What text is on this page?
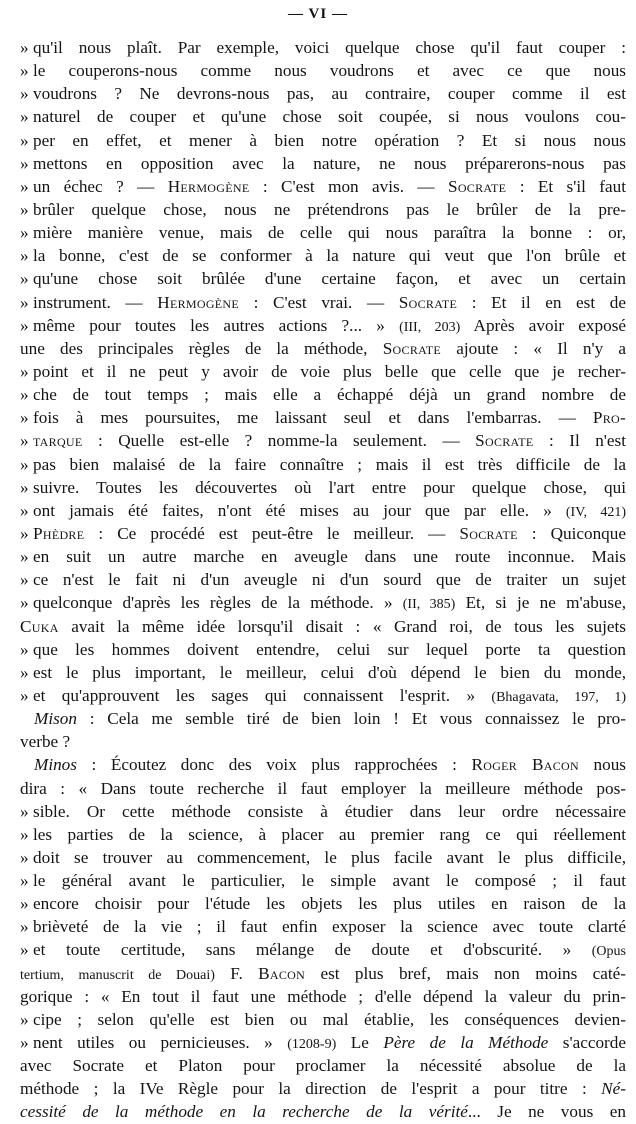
— VI —
» qu'il nous plaît. Par exemple, voici quelque chose qu'il faut couper :
» le couperons-nous comme nous voudrons et avec ce que nous
» voudrons ? Ne devrons-nous pas, au contraire, couper comme il est
» naturel de couper et qu'une chose soit coupée, si nous voulons cou-
» per en effet, et mener à bien notre opération ? Et si nous nous
» mettons en opposition avec la nature, ne nous préparerons-nous pas
» un échec ? — Hermogène : C'est mon avis. — Socrate : Et s'il faut
» brûler quelque chose, nous ne prétendrons pas le brûler de la pre-
» mière manière venue, mais de celle qui nous paraîtra la bonne : or,
» la bonne, c'est de se conformer à la nature qui veut que l'on brûle et
» qu'une chose soit brûlée d'une certaine façon, et avec un certain
» instrument. — Hermogène : C'est vrai. — Socrate : Et il en est de
» même pour toutes les autres actions ?... » (III, 203) Après avoir exposé
une des principales règles de la méthode, Socrate ajoute : « Il n'y a
» point et il ne peut y avoir de voie plus belle que celle que je recher-
» che de tout temps ; mais elle a échappé déjà un grand nombre de
» fois à mes poursuites, me laissant seul et dans l'embarras. — Pro-
» tarque : Quelle est-elle ? nomme-la seulement. — Socrate : Il n'est
» pas bien malaisé de la faire connaître ; mais il est très difficile de la
» suivre. Toutes les découvertes où l'art entre pour quelque chose, qui
» ont jamais été faites, n'ont été mises au jour que par elle. » (IV, 421)
» Phèdre : Ce procédé est peut-être le meilleur. — Socrate : Quiconque
» en suit un autre marche en aveugle dans une route inconnue. Mais
» ce n'est le fait ni d'un aveugle ni d'un sourd que de traiter un sujet
» quelconque d'après les règles de la méthode. » (II, 385) Et, si je ne m'abuse,
Cuka avait la même idée lorsqu'il disait : « Grand roi, de tous les sujets
» que les hommes doivent entendre, celui sur lequel porte ta question
» est le plus important, le meilleur, celui d'où dépend le bien du monde,
» et qu'approuvent les sages qui connaissent l'esprit. » (Bhagavata, 197, 1)
Mison : Cela me semble tiré de bien loin ! Et vous connaissez le pro-
verbe ?
Minos : Écoutez donc des voix plus rapprochées : Roger Bacon nous
dira : « Dans toute recherche il faut employer la meilleure méthode pos-
» sible. Or cette méthode consiste à étudier dans leur ordre nécessaire
» les parties de la science, à placer au premier rang ce qui réellement
» doit se trouver au commencement, le plus facile avant le plus difficile,
» le général avant le particulier, le simple avant le composé ; il faut
» encore choisir pour l'étude les objets les plus utiles en raison de la
» brièveté de la vie ; il faut enfin exposer la science avec toute clarté
» et toute certitude, sans mélange de doute et d'obscurité. » (Opus
tertium, manuscrit de Douai) F. Bacon est plus bref, mais non moins caté-
gorique : « En tout il faut une méthode ; d'elle dépend la valeur du prin-
» cipe ; selon qu'elle est bien ou mal établie, les conséquences devien-
» nent utiles ou pernicieuses. » (1208-9) Le Père de la Méthode s'accorde
avec Socrate et Platon pour proclamer la nécessité absolue de la
méthode ; la IVe Règle pour la direction de l'esprit a pour titre : Né-
cessité de la méthode en la recherche de la vérité... Je ne vous en
